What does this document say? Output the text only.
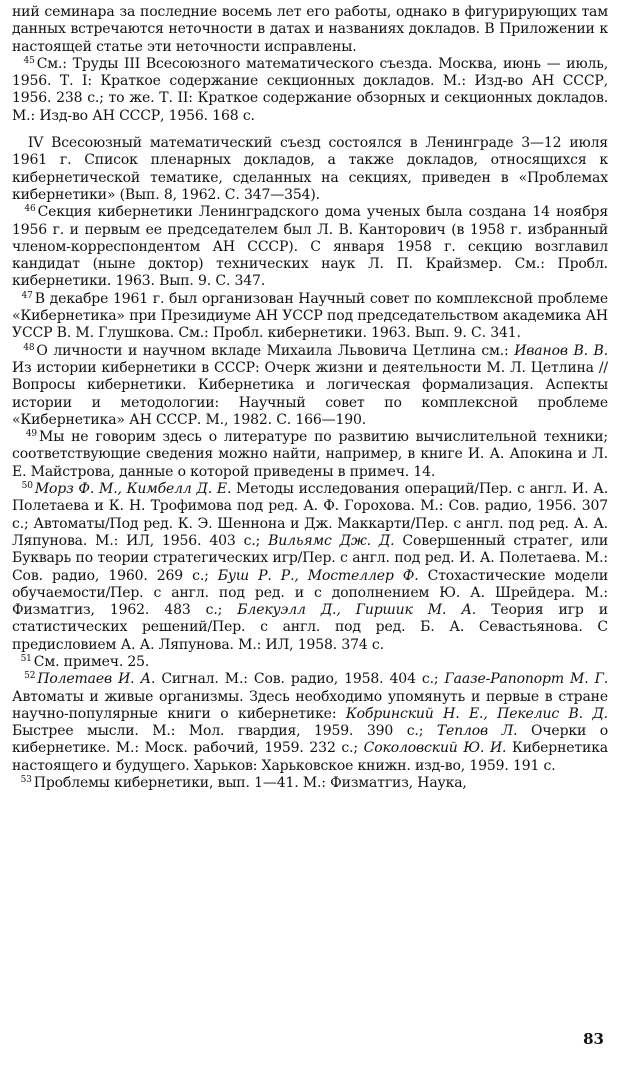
ний семинара за последние восемь лет его работы, однако в фигурирующих там данных встречаются неточности в датах и названиях докладов. В Приложении к настоящей статье эти неточности исправлены.

$^{45}$ См.: Труды III Всесоюзного математического съезда. Москва, июнь — июль, 1956. Т. I: Краткое содержание секционных докладов. М.: Изд-во АН СССР, 1956. 238 с.; то же. Т. II: Краткое содержание обзорных и секционных докладов. М.: Изд-во АН СССР, 1956. 168 с.

IV Всесоюзный математический съезд состоялся в Ленинграде 3—12 июля 1961 г. Список пленарных докладов, а также докладов, относящихся к кибернетической тематике, сделанных на секциях, приведен в «Проблемах кибернетики» (Вып. 8, 1962. С. 347—354).

$^{46}$ Секция кибернетики Ленинградского дома ученых была создана 14 ноября 1956 г. и первым ее председателем был Л. В. Канторович (в 1958 г. избранный членом-корреспондентом АН СССР). С января 1958 г. секцию возглавил кандидат (ныне доктор) технических наук Л. П. Крайзмер. См.: Пробл. кибернетики. 1963. Вып. 9. С. 347.

$^{47}$ В декабре 1961 г. был организован Научный совет по комплексной проблеме «Кибернетика» при Президиуме АН УССР под председательством академика АН УССР В. М. Глушкова. См.: Пробл. кибернетики. 1963. Вып. 9. С. 341.

$^{48}$ О личности и научном вкладе Михаила Львовича Цетлина см.: Иванов В. В. Из истории кибернетики в СССР: Очерк жизни и деятельности М. Л. Цетлина // Вопросы кибернетики. Кибернетика и логическая формализация. Аспекты истории и методологии: Научный совет по комплексной проблеме «Кибернетика» АН СССР. М., 1982. С. 166—190.

$^{49}$ Мы не говорим здесь о литературе по развитию вычислительной техники; соответствующие сведения можно найти, например, в книге И. А. Апокина и Л. Е. Майстрова, данные о которой приведены в примеч. 14.

$^{50}$ Морз Ф. М., Кимбелл Д. Е. Методы исследования операций/Пер. с англ. И. А. Полетаева и К. Н. Трофимова под ред. А. Ф. Горохова. М.: Сов. радио, 1956. 307 с.; Автоматы/Под ред. К. Э. Шеннона и Дж. Маккарти/Пер. с англ. под ред. А. А. Ляпунова. М.: ИЛ, 1956. 403 с.; Вильямс Дж. Д. Совершенный стратег, или Букварь по теории стратегических игр/Пер. с англ. под ред. И. А. Полетаева. М.: Сов. радио, 1960. 269 с.; Буш Р. Р., Мостеллер Ф. Стохастические модели обучаемости/Пер. с англ. под ред. и с дополнением Ю. А. Шрейдера. М.: Физматгиз, 1962. 483 с.; Блекуэлл Д., Гиршик М. А. Теория игр и статистических решений/Пер. с англ. под ред. Б. А. Севастьянова. С предисловием А. А. Ляпунова. М.: ИЛ, 1958. 374 с.

$^{51}$ См. примеч. 25.

$^{52}$ Полетаев И. А. Сигнал. М.: Сов. радио, 1958. 404 с.; Гаазе-Рапопорт М. Г. Автоматы и живые организмы. Здесь необходимо упомянуть и первые в стране научно-популярные книги о кибернетике: Кобринский Н. Е., Пекелис В. Д. Быстрее мысли. М.: Мол. гвардия, 1959. 390 с.; Теплов Л. Очерки о кибернетике. М.: Моск. рабочий, 1959. 232 с.; Соколовский Ю. И. Кибернетика настоящего и будущего. Харьков: Харьковское книжн. изд-во, 1959. 191 с.

$^{53}$ Проблемы кибернетики, вып. 1—41. М.: Физматгиз, Наука,

83
